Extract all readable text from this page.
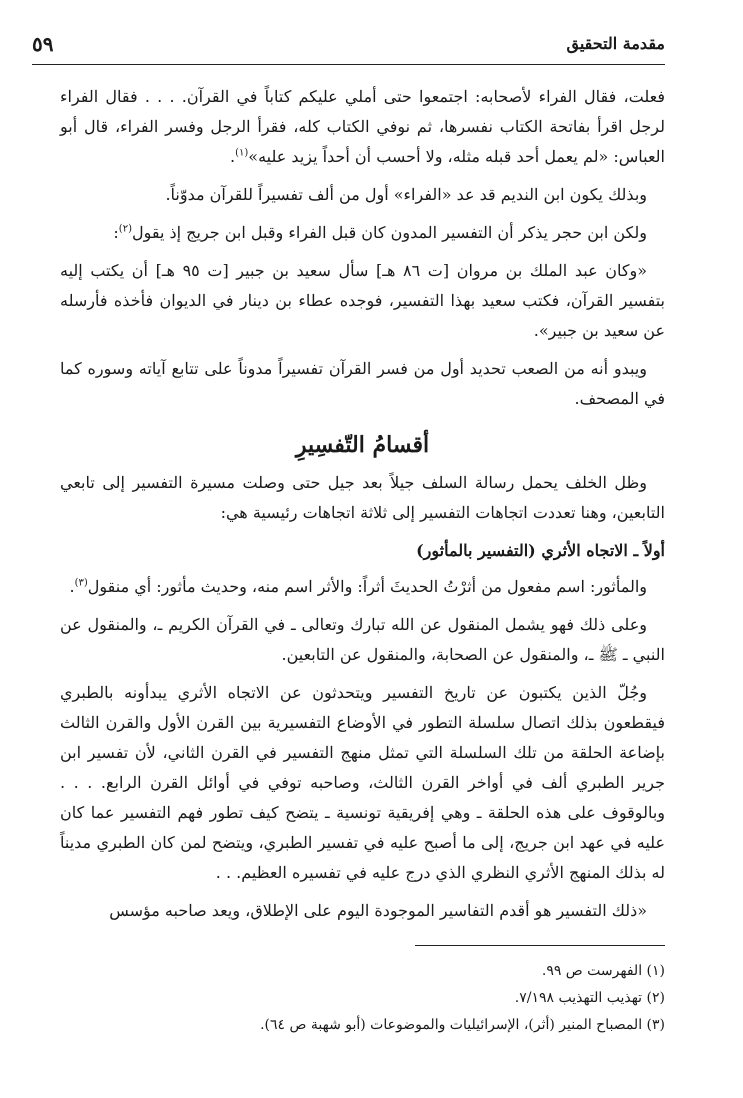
٥٩	مقدمة التحقيق

فعلت، فقال الفراء لأصحابه: اجتمعوا حتى أملي عليكم كتاباً في القرآن. . . . فقال الفراء لرجل اقرأ بفاتحة الكتاب نفسرها، ثم نوفي الكتاب كله، فقرأ الرجل وفسر الفراء، قال أبو العباس: «لم يعمل أحد قبله مثله، ولا أحسب أن أحداً يزيد عليه»$^{(١)}$.

وبذلك يكون ابن النديم قد عد «الفراء» أول من ألف تفسيراً للقرآن مدوّناً.

ولكن ابن حجر يذكر أن التفسير المدون كان قبل الفراء وقبل ابن جريج إذ يقول$^{(٢)}$:

«وكان عبد الملك بن مروان [ت ٨٦ هـ] سأل سعيد بن جبير [ت ٩٥ هـ] أن يكتب إليه بتفسير القرآن، فكتب سعيد بهذا التفسير، فوجده عطاء بن دينار في الديوان فأخذه فأرسله عن سعيد بن جبير».

ويبدو أنه من الصعب تحديد أول من فسر القرآن تفسيراً مدوناً على تتابع آياته وسوره كما في المصحف.

أقسامُ التّفسِيرِ

وظل الخلف يحمل رسالة السلف جيلاً بعد جيل حتى وصلت مسيرة التفسير إلى تابعي التابعين، وهنا تعددت اتجاهات التفسير إلى ثلاثة اتجاهات رئيسية هي:

أولاً ـ الاتجاه الأثري (التفسير بالمأثور)

والمأثور: اسم مفعول من أثرْتُ الحديثَ أثراً: والأثر اسم منه، وحديث مأثور: أي منقول$^{(٣)}$.

وعلى ذلك فهو يشمل المنقول عن الله تبارك وتعالى ـ في القرآن الكريم ـ، والمنقول عن النبي ـ ﷺ ـ، والمنقول عن الصحابة، والمنقول عن التابعين.

وجُلّ الذين يكتبون عن تاريخ التفسير ويتحدثون عن الاتجاه الأثري يبدأونه بالطبري فيقطعون بذلك اتصال سلسلة التطور في الأوضاع التفسيرية بين القرن الأول والقرن الثالث بإضاعة الحلقة من تلك السلسلة التي تمثل منهج التفسير في القرن الثاني، لأن تفسير ابن جرير الطبري ألف في أواخر القرن الثالث، وصاحبه توفي في أوائل القرن الرابع. . . . وبالوقوف على هذه الحلقة ـ وهي إفريقية تونسية ـ يتضح كيف تطور فهم التفسير عما كان عليه في عهد ابن جريج، إلى ما أصبح عليه في تفسير الطبري، ويتضح لمن كان الطبري مديناً له بذلك المنهج الأثري النظري الذي درج عليه في تفسيره العظيم. . .

«ذلك التفسير هو أقدم التفاسير الموجودة اليوم على الإطلاق، ويعد صاحبه مؤسس

(١) الفهرست ص ٩٩.
(٢) تهذيب التهذيب ٧/١٩٨.
(٣) المصباح المنير (أثر)، الإسرائيليات والموضوعات (أبو شهبة ص ٦٤).
